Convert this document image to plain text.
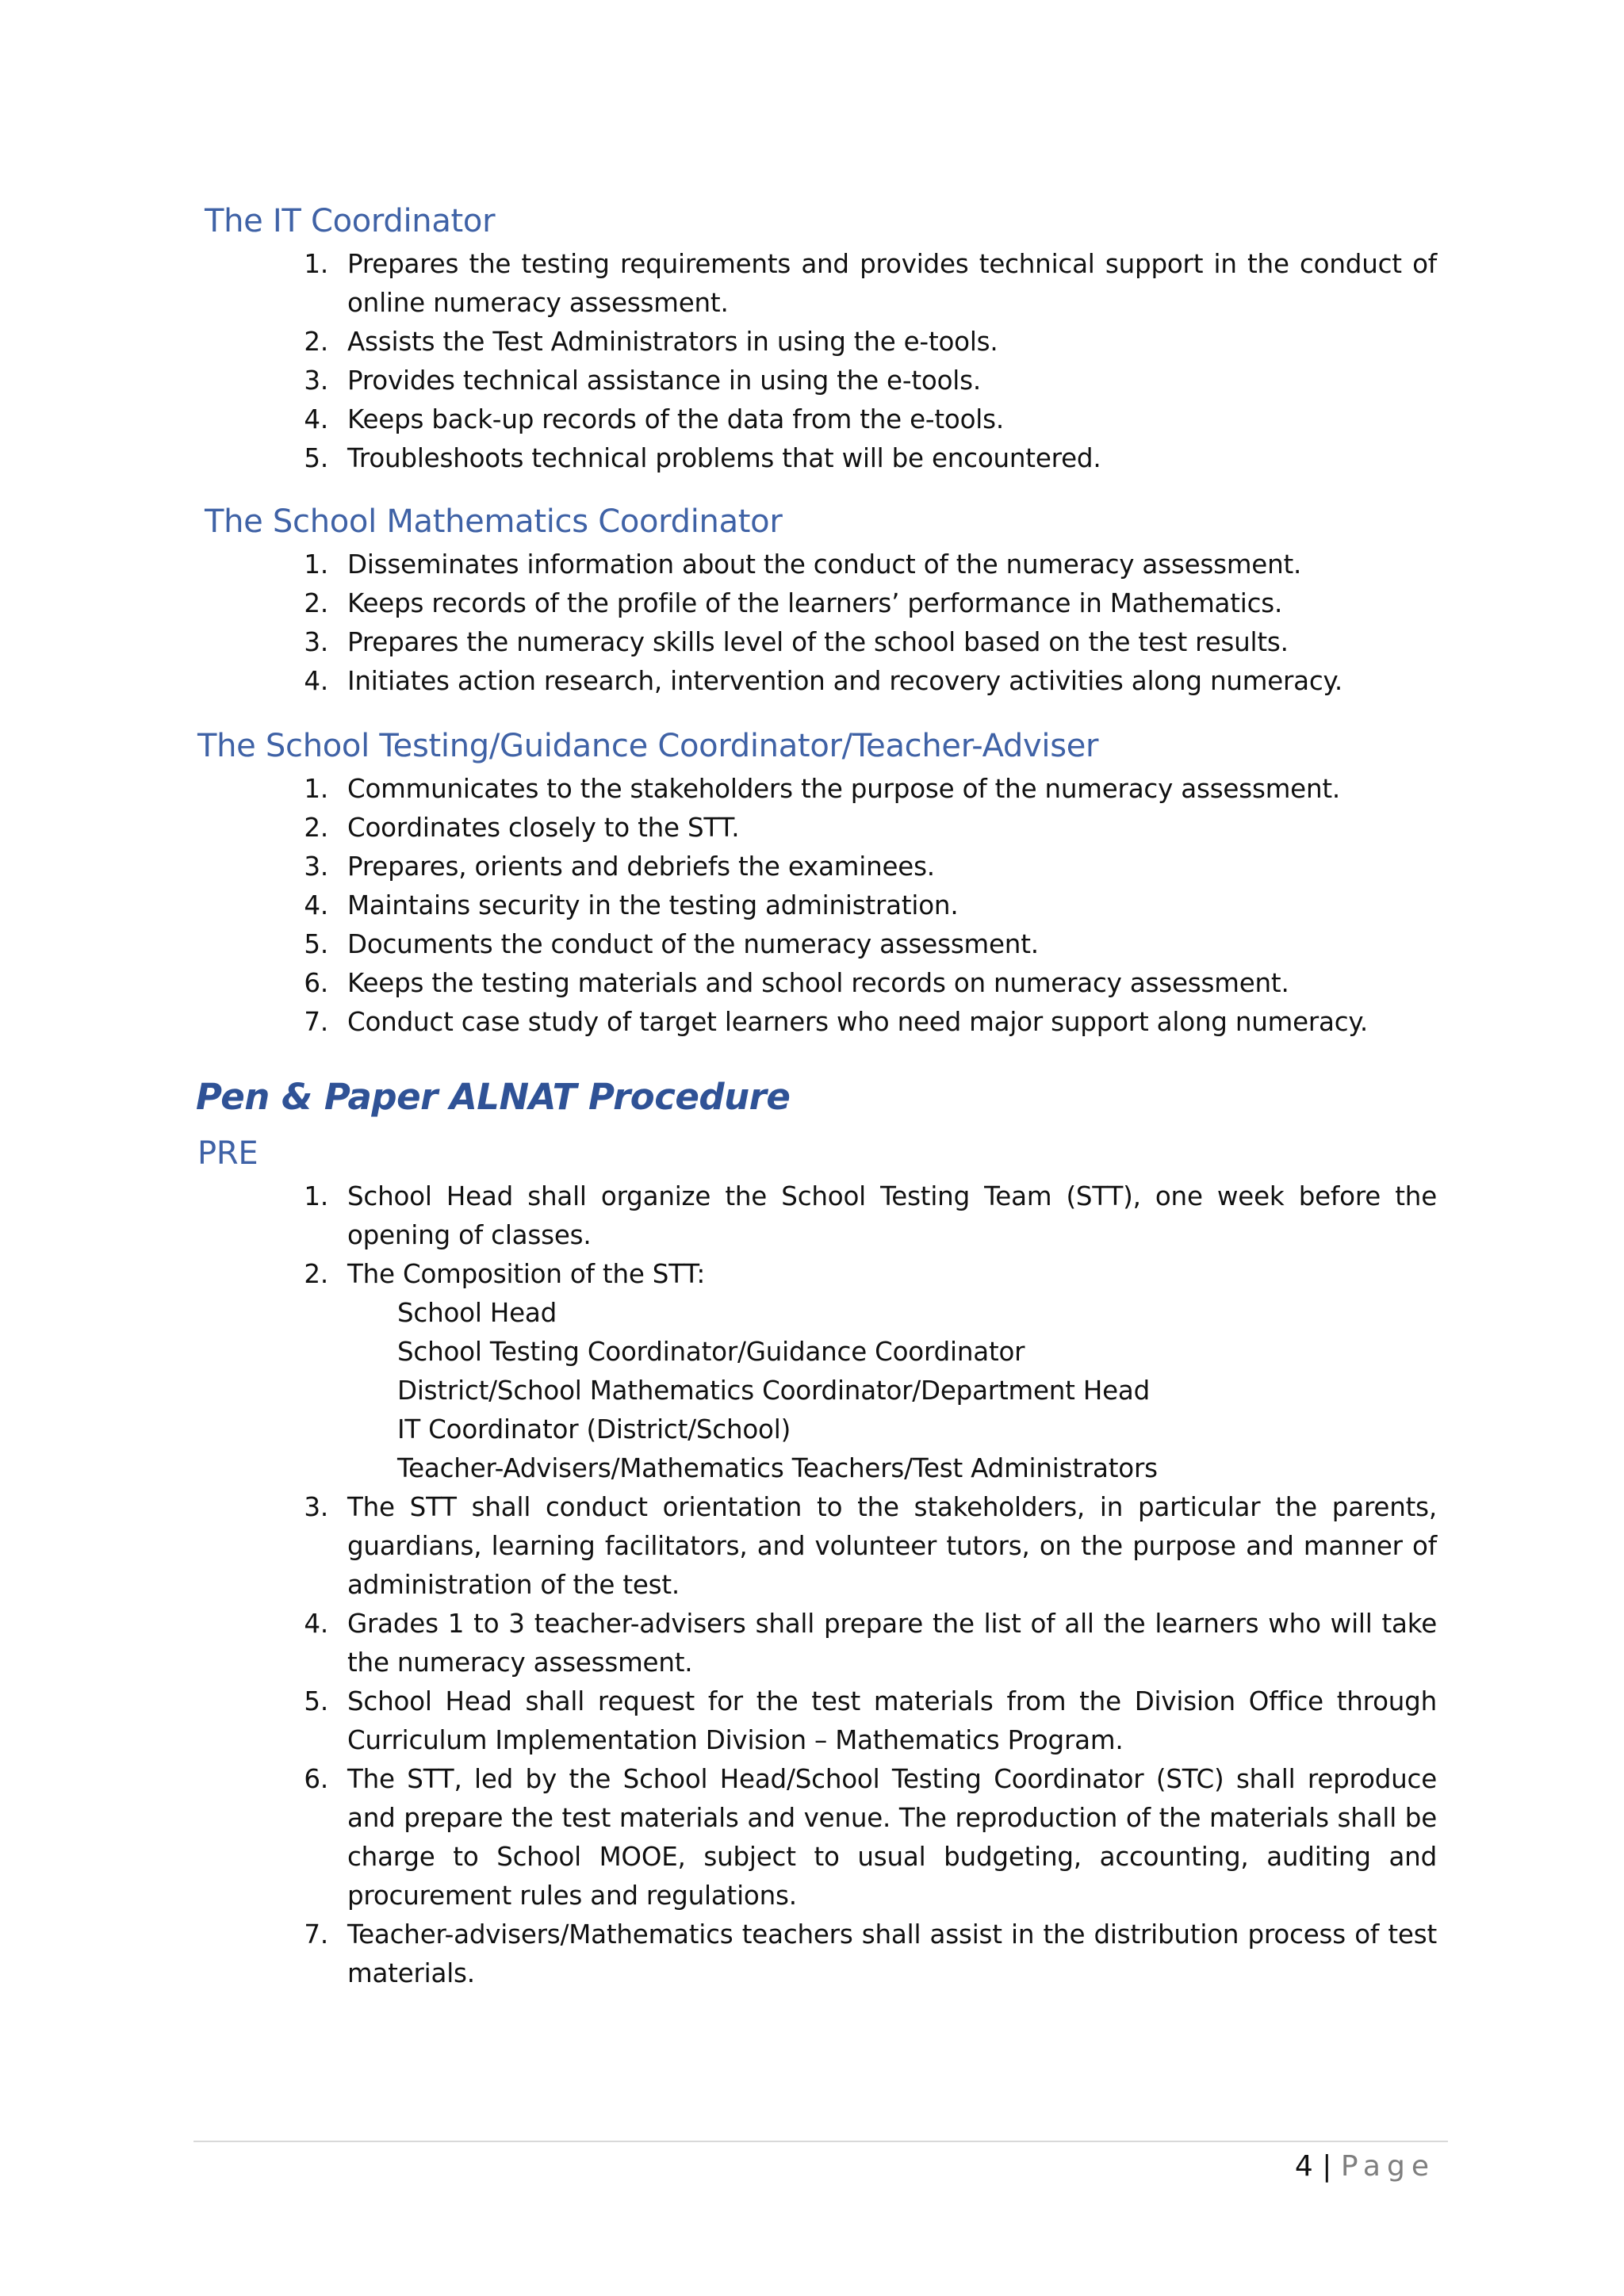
The IT Coordinator
1. Prepares the testing requirements and provides technical support in the conduct of online numeracy assessment.
2. Assists the Test Administrators in using the e-tools.
3. Provides technical assistance in using the e-tools.
4. Keeps back-up records of the data from the e-tools.
5. Troubleshoots technical problems that will be encountered.
The School Mathematics Coordinator
1. Disseminates information about the conduct of the numeracy assessment.
2. Keeps records of the profile of the learners’ performance in Mathematics.
3. Prepares the numeracy skills level of the school based on the test results.
4. Initiates action research, intervention and recovery activities along numeracy.
The School Testing/Guidance Coordinator/Teacher-Adviser
1. Communicates to the stakeholders the purpose of the numeracy assessment.
2. Coordinates closely to the STT.
3. Prepares, orients and debriefs the examinees.
4. Maintains security in the testing administration.
5. Documents the conduct of the numeracy assessment.
6. Keeps the testing materials and school records on numeracy assessment.
7. Conduct case study of target learners who need major support along numeracy.
Pen & Paper ALNAT Procedure
PRE
1. School Head shall organize the School Testing Team (STT), one week before the opening of classes.
2. The Composition of the STT:
School Head
School Testing Coordinator/Guidance Coordinator
District/School Mathematics Coordinator/Department Head
IT Coordinator (District/School)
Teacher-Advisers/Mathematics Teachers/Test Administrators
3. The STT shall conduct orientation to the stakeholders, in particular the parents, guardians, learning facilitators, and volunteer tutors, on the purpose and manner of administration of the test.
4. Grades 1 to 3 teacher-advisers shall prepare the list of all the learners who will take the numeracy assessment.
5. School Head shall request for the test materials from the Division Office through Curriculum Implementation Division – Mathematics Program.
6. The STT, led by the School Head/School Testing Coordinator (STC) shall reproduce and prepare the test materials and venue. The reproduction of the materials shall be charge to School MOOE, subject to usual budgeting, accounting, auditing and procurement rules and regulations.
7. Teacher-advisers/Mathematics teachers shall assist in the distribution process of test materials.
4 | Page
